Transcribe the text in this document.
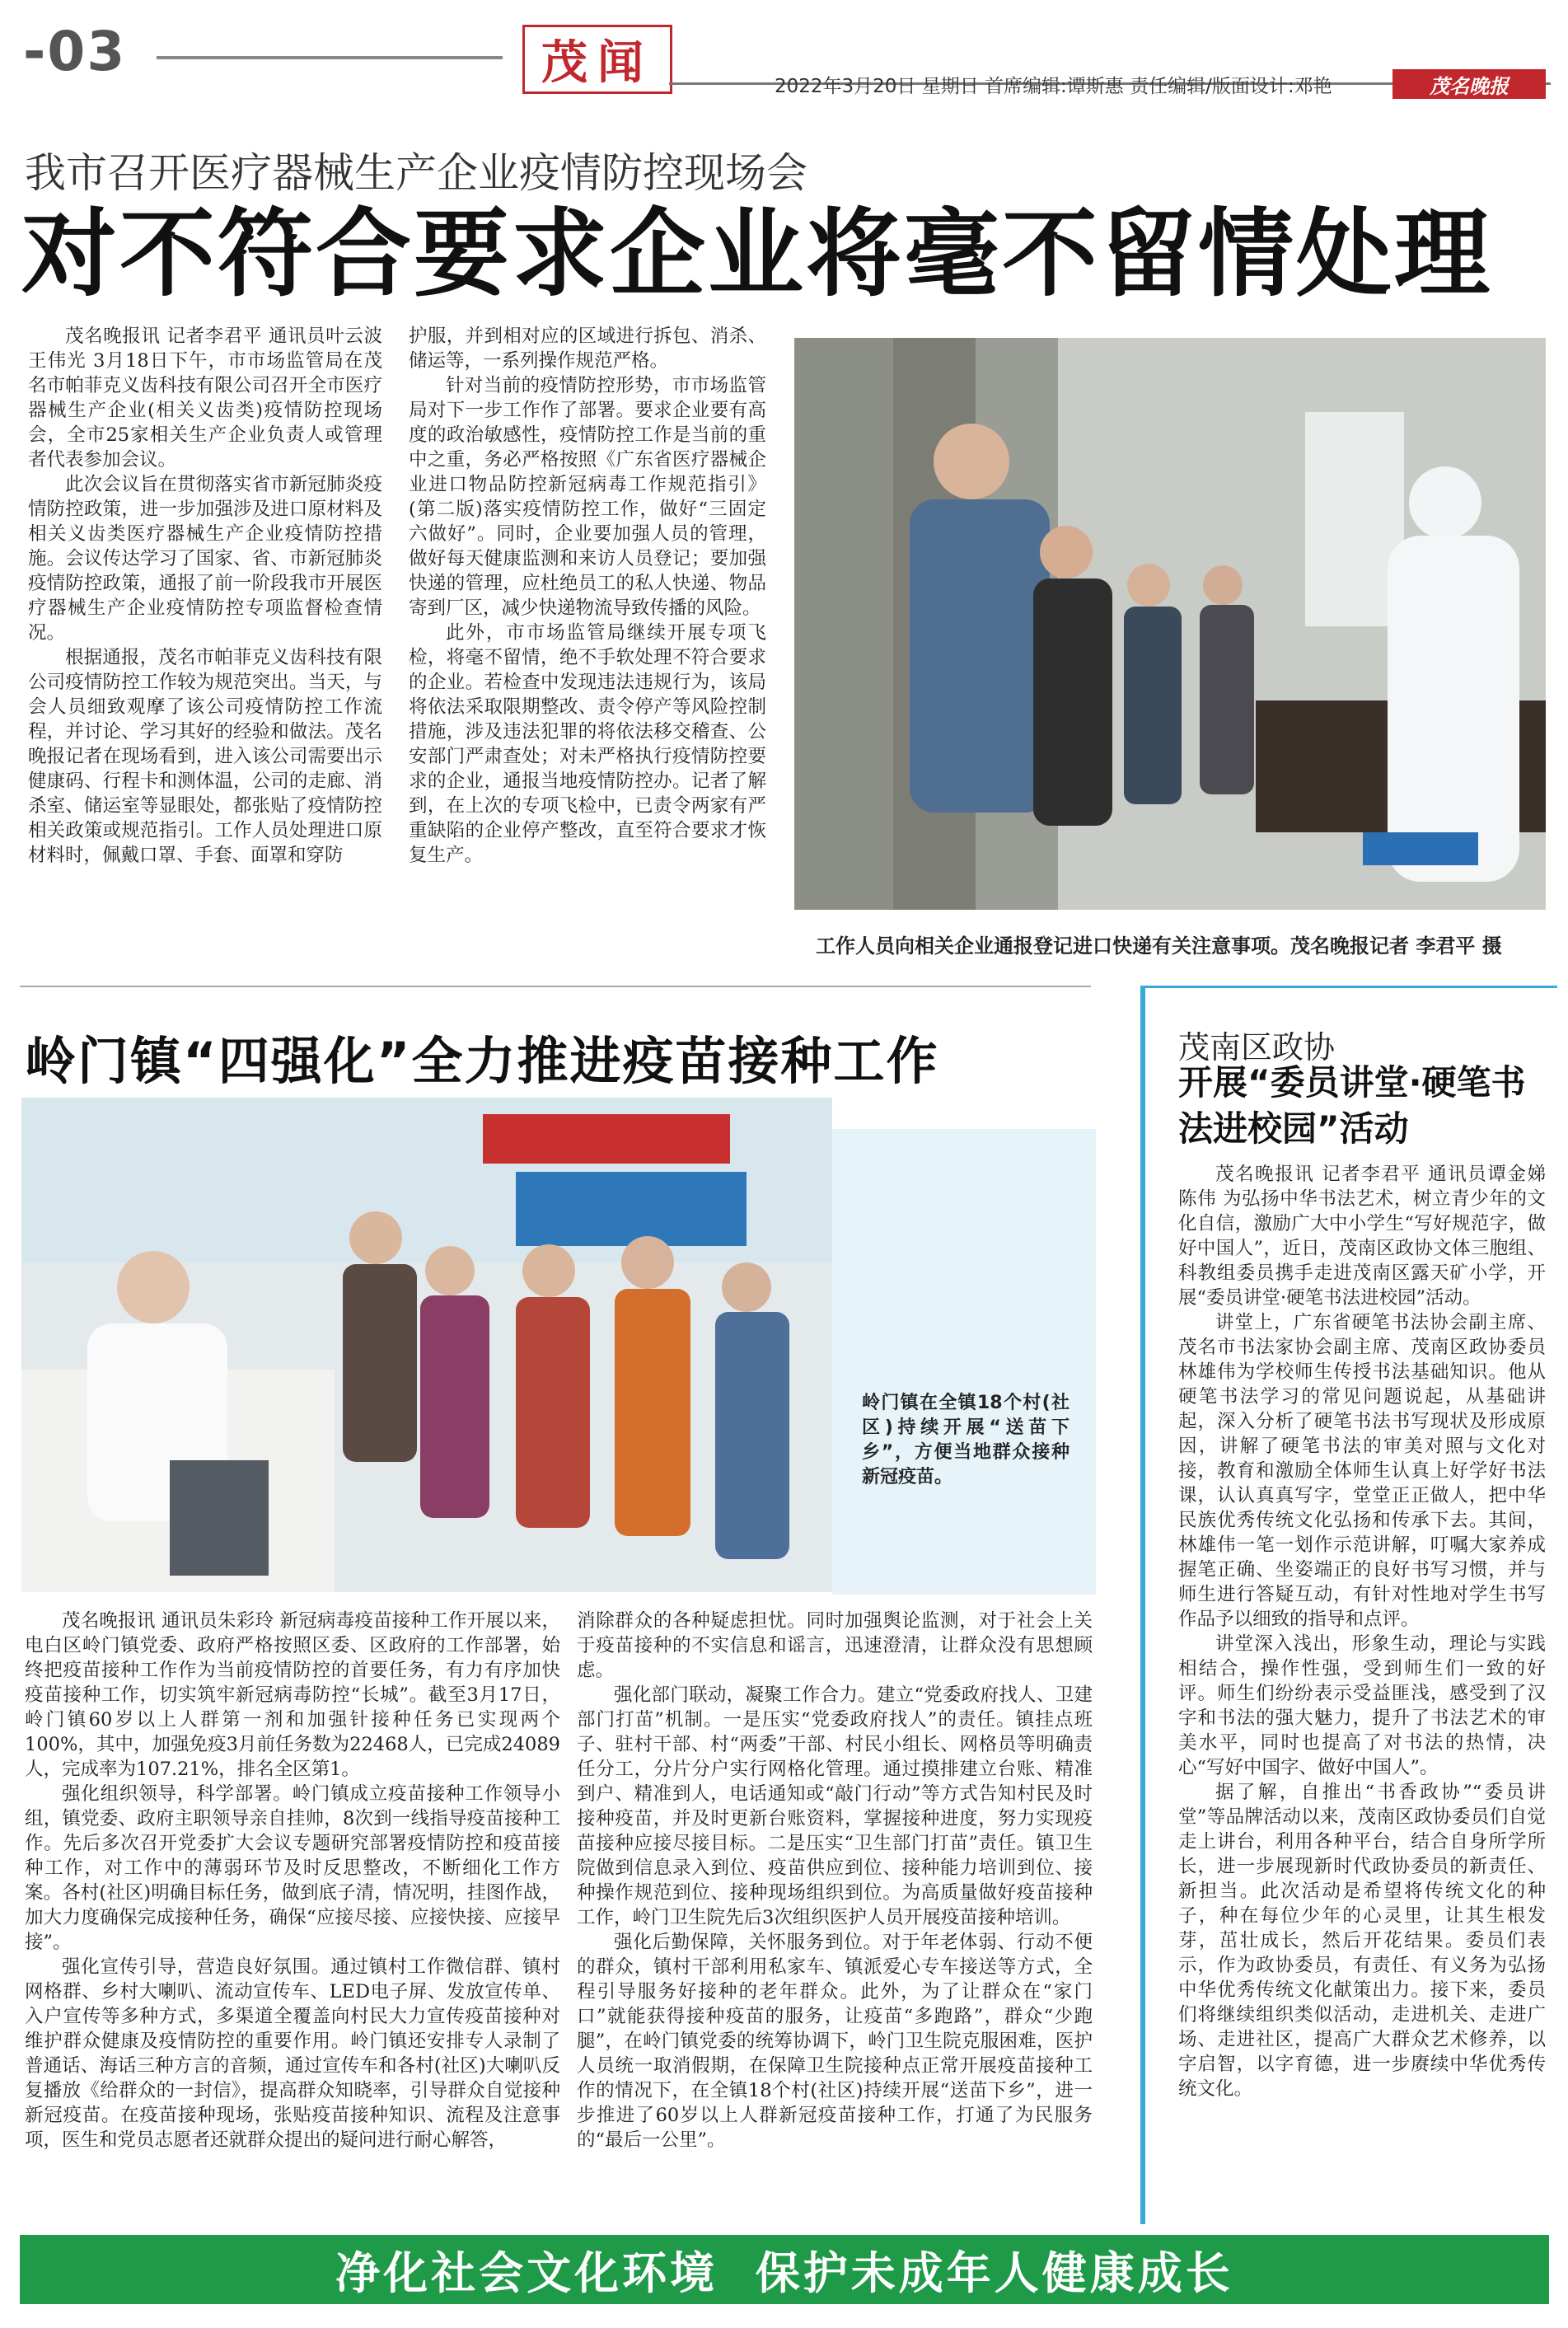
-03	茂闻	2022年3月20日 星期日 首席编辑:谭斯惠 责任编辑/版面设计:邓艳	茂名晚报
我市召开医疗器械生产企业疫情防控现场会
对不符合要求企业将毫不留情处理

茂名晚报讯 记者李君平 通讯员叶云波 王伟光 3月18日下午，市市场监管局在茂名市帕菲克义齿科技有限公司召开全市医疗器械生产企业(相关义齿类)疫情防控现场会，全市25家相关生产企业负责人或管理者代表参加会议。

此次会议旨在贯彻落实省市新冠肺炎疫情防控政策，进一步加强涉及进口原材料及相关义齿类医疗器械生产企业疫情防控措施。会议传达学习了国家、省、市新冠肺炎疫情防控政策，通报了前一阶段我市开展医疗器械生产企业疫情防控专项监督检查情况。

根据通报，茂名市帕菲克义齿科技有限公司疫情防控工作较为规范突出。当天，与会人员细致观摩了该公司疫情防控工作流程，并讨论、学习其好的经验和做法。茂名晚报记者在现场看到，进入该公司需要出示健康码、行程卡和测体温，公司的走廊、消杀室、储运室等显眼处，都张贴了疫情防控相关政策或规范指引。工作人员处理进口原材料时，佩戴口罩、手套、面罩和穿防

护服，并到相对应的区域进行拆包、消杀、储运等，一系列操作规范严格。

针对当前的疫情防控形势，市市场监管局对下一步工作作了部署。要求企业要有高度的政治敏感性，疫情防控工作是当前的重中之重，务必严格按照《广东省医疗器械企业进口物品防控新冠病毒工作规范指引》(第二版)落实疫情防控工作，做好“三固定六做好”。同时，企业要加强人员的管理，做好每天健康监测和来访人员登记；要加强快递的管理，应杜绝员工的私人快递、物品寄到厂区，减少快递物流导致传播的风险。

此外，市市场监管局继续开展专项飞检，将毫不留情，绝不手软处理不符合要求的企业。若检查中发现违法违规行为，该局将依法采取限期整改、责令停产等风险控制措施，涉及违法犯罪的将依法移交稽查、公安部门严肃查处；对未严格执行疫情防控要求的企业，通报当地疫情防控办。记者了解到，在上次的专项飞检中，已责令两家有严重缺陷的企业停产整改，直至符合要求才恢复生产。

工作人员向相关企业通报登记进口快递有关注意事项。茂名晚报记者 李君平 摄
岭门镇“四强化”全力推进疫苗接种工作
岭门镇在全镇18个村(社区)持续开展“送苗下乡”，方便当地群众接种新冠疫苗。

茂名晚报讯 通讯员朱彩玲 新冠病毒疫苗接种工作开展以来，电白区岭门镇党委、政府严格按照区委、区政府的工作部署，始终把疫苗接种工作作为当前疫情防控的首要任务，有力有序加快疫苗接种工作，切实筑牢新冠病毒防控“长城”。截至3月17日，岭门镇60岁以上人群第一剂和加强针接种任务已实现两个100%，其中，加强免疫3月前任务数为22468人，已完成24089人，完成率为107.21%，排名全区第1。

强化组织领导，科学部署。岭门镇成立疫苗接种工作领导小组，镇党委、政府主职领导亲自挂帅，8次到一线指导疫苗接种工作。先后多次召开党委扩大会议专题研究部署疫情防控和疫苗接种工作，对工作中的薄弱环节及时反思整改，不断细化工作方案。各村(社区)明确目标任务，做到底子清，情况明，挂图作战，加大力度确保完成接种任务，确保“应接尽接、应接快接、应接早接”。

强化宣传引导，营造良好氛围。通过镇村工作微信群、镇村网格群、乡村大喇叭、流动宣传车、LED电子屏、发放宣传单、入户宣传等多种方式，多渠道全覆盖向村民大力宣传疫苗接种对维护群众健康及疫情防控的重要作用。岭门镇还安排专人录制了普通话、海话三种方言的音频，通过宣传车和各村(社区)大喇叭反复播放《给群众的一封信》，提高群众知晓率，引导群众自觉接种新冠疫苗。在疫苗接种现场，张贴疫苗接种知识、流程及注意事项，医生和党员志愿者还就群众提出的疑问进行耐心解答，

消除群众的各种疑虑担忧。同时加强舆论监测，对于社会上关于疫苗接种的不实信息和谣言，迅速澄清，让群众没有思想顾虑。

强化部门联动，凝聚工作合力。建立“党委政府找人、卫建部门打苗”机制。一是压实“党委政府找人”的责任。镇挂点班子、驻村干部、村“两委”干部、村民小组长、网格员等明确责任分工，分片分户实行网格化管理。通过摸排建立台账、精准到户、精准到人，电话通知或“敲门行动”等方式告知村民及时接种疫苗，并及时更新台账资料，掌握接种进度，努力实现疫苗接种应接尽接目标。二是压实“卫生部门打苗”责任。镇卫生院做到信息录入到位、疫苗供应到位、接种能力培训到位、接种操作规范到位、接种现场组织到位。为高质量做好疫苗接种工作，岭门卫生院先后3次组织医护人员开展疫苗接种培训。

强化后勤保障，关怀服务到位。对于年老体弱、行动不便的群众，镇村干部利用私家车、镇派爱心专车接送等方式，全程引导服务好接种的老年群众。此外，为了让群众在“家门口”就能获得接种疫苗的服务，让疫苗“多跑路”，群众“少跑腿”，在岭门镇党委的统筹协调下，岭门卫生院克服困难，医护人员统一取消假期，在保障卫生院接种点正常开展疫苗接种工作的情况下，在全镇18个村(社区)持续开展“送苗下乡”，进一步推进了60岁以上人群新冠疫苗接种工作，打通了为民服务的“最后一公里”。

茂南区政协
开展“委员讲堂·硬笔书法进校园”活动

茂名晚报讯 记者李君平 通讯员谭金娣 陈伟 为弘扬中华书法艺术，树立青少年的文化自信，激励广大中小学生“写好规范字，做好中国人”，近日，茂南区政协文体三胞组、科教组委员携手走进茂南区露天矿小学，开展“委员讲堂·硬笔书法进校园”活动。

讲堂上，广东省硬笔书法协会副主席、茂名市书法家协会副主席、茂南区政协委员林雄伟为学校师生传授书法基础知识。他从硬笔书法学习的常见问题说起，从基础讲起，深入分析了硬笔书法书写现状及形成原因，讲解了硬笔书法的审美对照与文化对接，教育和激励全体师生认真上好学好书法课，认认真真写字，堂堂正正做人，把中华民族优秀传统文化弘扬和传承下去。其间，林雄伟一笔一划作示范讲解，叮嘱大家养成握笔正确、坐姿端正的良好书写习惯，并与师生进行答疑互动，有针对性地对学生书写作品予以细致的指导和点评。

讲堂深入浅出，形象生动，理论与实践相结合，操作性强，受到师生们一致的好评。师生们纷纷表示受益匪浅，感受到了汉字和书法的强大魅力，提升了书法艺术的审美水平，同时也提高了对书法的热情，决心“写好中国字、做好中国人”。

据了解，自推出“书香政协”“委员讲堂”等品牌活动以来，茂南区政协委员们自觉走上讲台，利用各种平台，结合自身所学所长，进一步展现新时代政协委员的新责任、新担当。此次活动是希望将传统文化的种子，种在每位少年的心灵里，让其生根发芽，茁壮成长，然后开花结果。委员们表示，作为政协委员，有责任、有义务为弘扬中华优秀传统文化献策出力。接下来，委员们将继续组织类似活动，走进机关、走进广场、走进社区，提高广大群众艺术修养，以字启智，以字育德，进一步赓续中华优秀传统文化。

净化社会文化环境  保护未成年人健康成长
